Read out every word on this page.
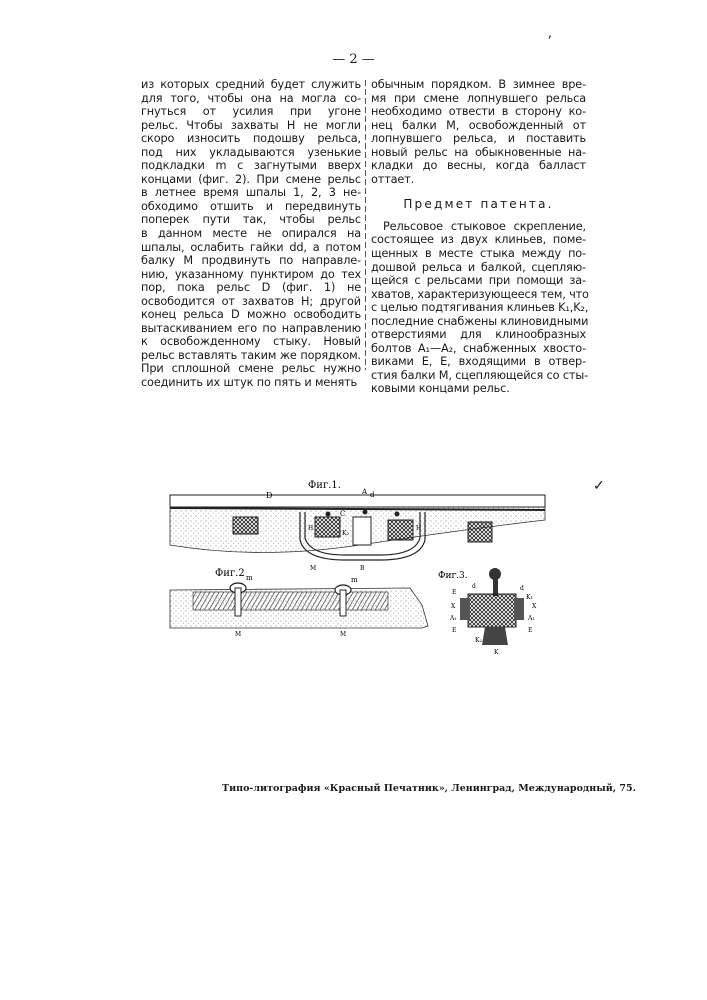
— 2 —
ʼ
✓
из которых средний будет служить
для того, чтобы она на могла со-
гнуться от усилия при угоне
рельс. Чтобы захваты H не могли
скоро износить подошву рельса,
под них укладываются узенькие
подкладки m с загнутыми вверх
концами (фиг. 2). При смене рельс
в летнее время шпалы 1, 2, 3 не-
обходимо отшить и передвинуть
поперек пути так, чтобы рельс
в данном месте не опирался на
шпалы, ослабить гайки dd, а потом
балку M продвинуть по направле-
нию, указанному пунктиром до тех
пор, пока рельс D (фиг. 1) не
освободится от захватов H; другой
конец рельса D можно освободить
вытаскиванием его по направлению
к освобожденному стыку. Новый
рельс вставлять таким же порядком.
При сплошной смене рельс нужно
соединить их штук по пять и менять
обычным порядком. В зимнее вре-
мя при смене лопнувшего рельса
необходимо отвести в сторону ко-
нец балки M, освобожденный от
лопнувшего рельса, и поставить
новый рельс на обыкновенные на-
кладки до весны, когда балласт
оттает.
Предмет патента.
Рельсовое стыковое скрепление,
состоящее из двух клиньев, поме-
щенных в месте стыка между по-
дошвой рельса и балкой, сцепляю-
щейся с рельсами при помощи за-
хватов, характеризующееся тем, что
с целью подтягивания клиньев K₁,K₂,
последние снабжены клиновидными
отверстиями для клинообразных
болтов A₁—A₂, снабженных хвосто-
виками E, E, входящими в отвер-
стия балки M, сцепляющейся со сты-
ковыми концами рельс.
Фиг.1.
D	A d
C
K₂
M	B
H	H
Фиг.2 m	m
M	M
Фиг.3.
E
d	d
X	X
K₁
A₁	A₁
E	E
K₂
K
Типо-литография «Красный Печатник», Ленинград, Международный, 75.
